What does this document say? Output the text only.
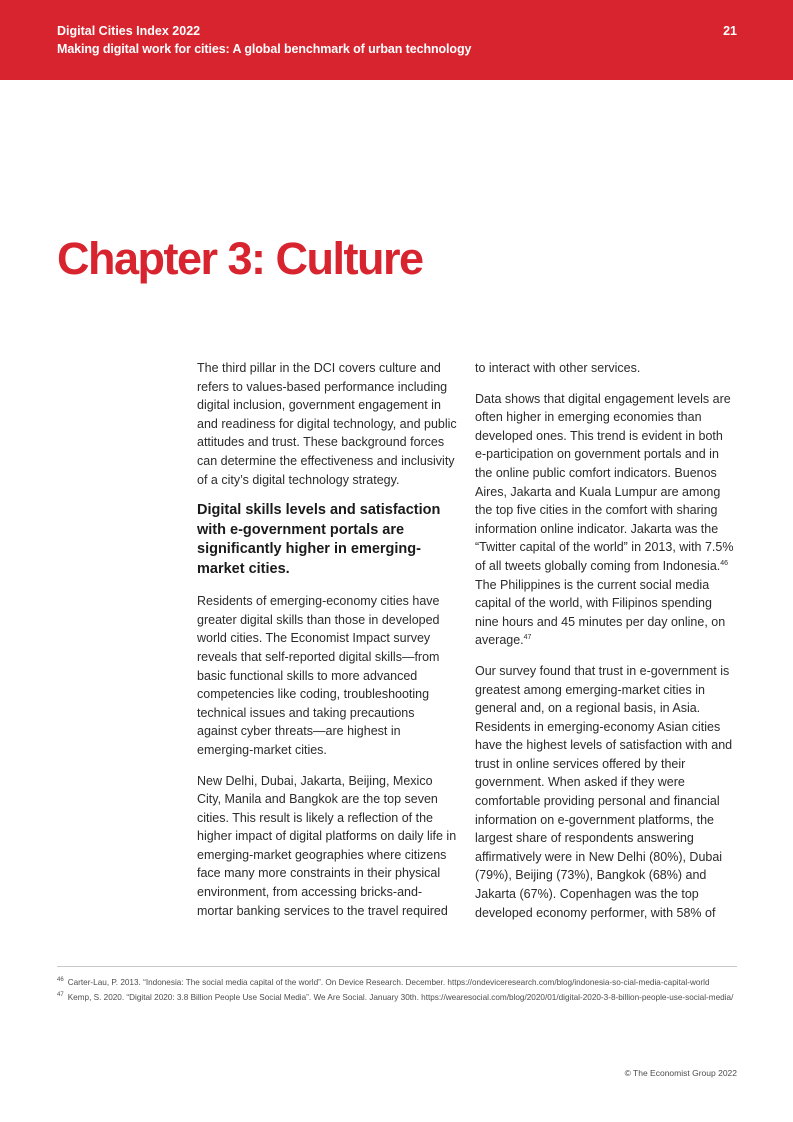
Digital Cities Index 2022
Making digital work for cities: A global benchmark of urban technology
21
Chapter 3: Culture

The third pillar in the DCI covers culture and refers to values-based performance including digital inclusion, government engagement in and readiness for digital technology, and public attitudes and trust. These background forces can determine the effectiveness and inclusivity of a city’s digital technology strategy.

Digital skills levels and satisfaction with e-government portals are significantly higher in emerging-market cities.

Residents of emerging-economy cities have greater digital skills than those in developed world cities. The Economist Impact survey reveals that self-reported digital skills—from basic functional skills to more advanced competencies like coding, troubleshooting technical issues and taking precautions against cyber threats—are highest in emerging-market cities.

New Delhi, Dubai, Jakarta, Beijing, Mexico City, Manila and Bangkok are the top seven cities. This result is likely a reflection of the higher impact of digital platforms on daily life in emerging-market geographies where citizens face many more constraints in their physical environment, from accessing bricks-and-mortar banking services to the travel required

to interact with other services.

Data shows that digital engagement levels are often higher in emerging economies than developed ones. This trend is evident in both e-participation on government portals and in the online public comfort indicators. Buenos Aires, Jakarta and Kuala Lumpur are among the top five cities in the comfort with sharing information online indicator. Jakarta was the “Twitter capital of the world” in 2013, with 7.5% of all tweets globally coming from Indonesia.$^{46}$ The Philippines is the current social media capital of the world, with Filipinos spending nine hours and 45 minutes per day online, on average.$^{47}$

Our survey found that trust in e-government is greatest among emerging-market cities in general and, on a regional basis, in Asia. Residents in emerging-economy Asian cities have the highest levels of satisfaction with and trust in online services offered by their government. When asked if they were comfortable providing personal and financial information on e-government platforms, the largest share of respondents answering affirmatively were in New Delhi (80%), Dubai (79%), Beijing (73%), Bangkok (68%) and Jakarta (67%). Copenhagen was the top developed economy performer, with 58% of

$^{46}$ Carter-Lau, P. 2013. “Indonesia: The social media capital of the world”. On Device Research. December. https://ondeviceresearch.com/blog/indonesia-so-cial-media-capital-world
$^{47}$ Kemp, S. 2020. “Digital 2020: 3.8 Billion People Use Social Media”. We Are Social. January 30th. https://wearesocial.com/blog/2020/01/digital-2020-3-8-billion-people-use-social-media/
© The Economist Group 2022
